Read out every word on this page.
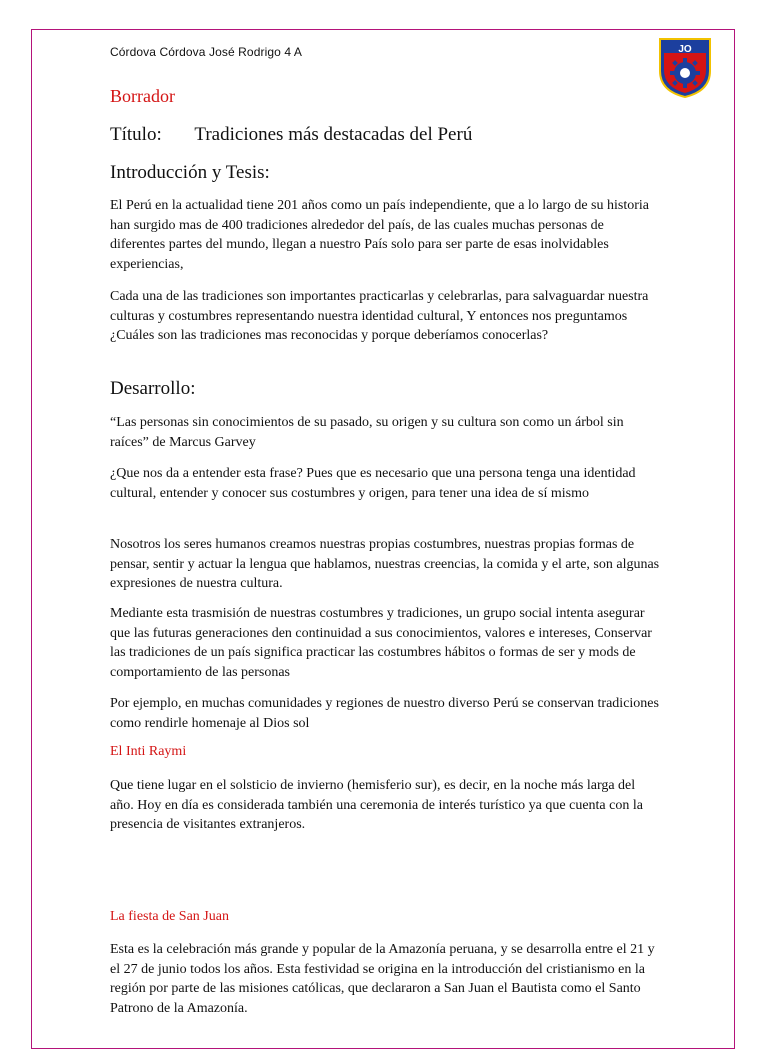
Córdova Córdova José Rodrigo 4 A	JO
Borrador
Título: Tradiciones más destacadas del Perú
Introducción y Tesis:

El Perú en la actualidad tiene 201 años como un país independiente, que a lo largo de su historia han surgido mas de 400 tradiciones alrededor del país, de las cuales muchas personas de diferentes partes del mundo, llegan a nuestro País solo para ser parte de esas inolvidables experiencias,

Cada una de las tradiciones son importantes practicarlas y celebrarlas, para salvaguardar nuestra culturas y costumbres representando nuestra identidad cultural, Y entonces nos preguntamos ¿Cuáles son las tradiciones mas reconocidas y porque deberíamos conocerlas?

Desarrollo:

“Las personas sin conocimientos de su pasado, su origen y su cultura son como un árbol sin raíces” de Marcus Garvey

¿Que nos da a entender esta frase? Pues que es necesario que una persona tenga una identidad cultural, entender y conocer sus costumbres y origen, para tener una idea de sí mismo

Nosotros los seres humanos creamos nuestras propias costumbres, nuestras propias formas de pensar, sentir y actuar la lengua que hablamos, nuestras creencias, la comida y el arte, son algunas expresiones de nuestra cultura.

Mediante esta trasmisión de nuestras costumbres y tradiciones, un grupo social intenta asegurar que las futuras generaciones den continuidad a sus conocimientos, valores e intereses, Conservar las tradiciones de un país significa practicar las costumbres hábitos o formas de ser y mods de comportamiento de las personas

Por ejemplo, en muchas comunidades y regiones de nuestro diverso Perú se conservan tradiciones como rendirle homenaje al Dios sol

El Inti Raymi

Que tiene lugar en el solsticio de invierno (hemisferio sur), es decir, en la noche más larga del año. Hoy en día es considerada también una ceremonia de interés turístico ya que cuenta con la presencia de visitantes extranjeros.

La fiesta de San Juan

Esta es la celebración más grande y popular de la Amazonía peruana, y se desarrolla entre el 21 y el 27 de junio todos los años. Esta festividad se origina en la introducción del cristianismo en la región por parte de las misiones católicas, que declararon a San Juan el Bautista como el Santo Patrono de la Amazonía.
